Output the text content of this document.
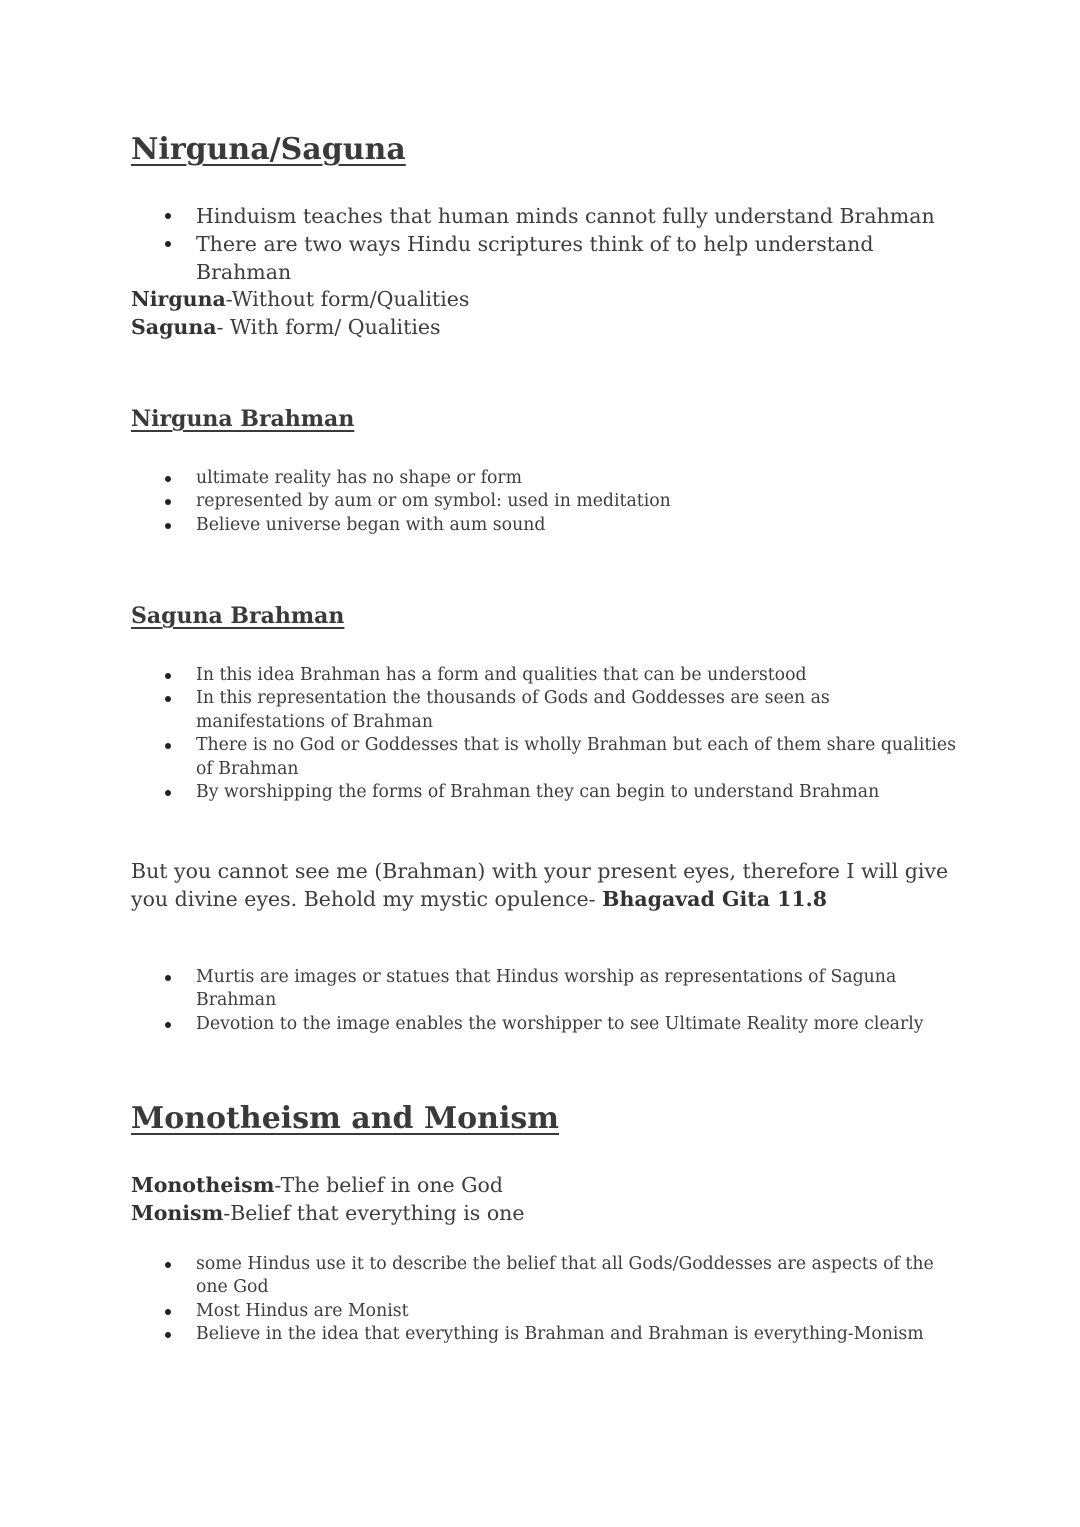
Nirguna/Saguna
Hinduism teaches that human minds cannot fully understand Brahman
There are two ways Hindu scriptures think of to help understand Brahman

Nirguna-Without form/Qualities

Saguna- With form/ Qualities

Nirguna Brahman
ultimate reality has no shape or form
represented by aum or om symbol: used in meditation
Believe universe began with aum sound
Saguna Brahman
In this idea Brahman has a form and qualities that can be understood
In this representation the thousands of Gods and Goddesses are seen as manifestations of Brahman
There is no God or Goddesses that is wholly Brahman but each of them share qualities of Brahman
By worshipping the forms of Brahman they can begin to understand Brahman

But you cannot see me (Brahman) with your present eyes, therefore I will give you divine eyes. Behold my mystic opulence- Bhagavad Gita 11.8

Murtis are images or statues that Hindus worship as representations of Saguna Brahman
Devotion to the image enables the worshipper to see Ultimate Reality more clearly
Monotheism and Monism

Monotheism-The belief in one God

Monism-Belief that everything is one

some Hindus use it to describe the belief that all Gods/Goddesses are aspects of the one God
Most Hindus are Monist
Believe in the idea that everything is Brahman and Brahman is everything-Monism
